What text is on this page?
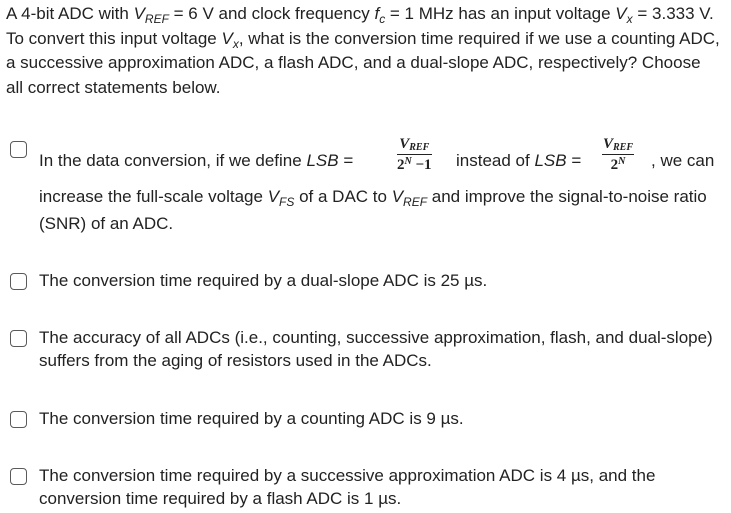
A 4-bit ADC with $V_{REF} = 6$ V and clock frequency $f_c = 1$ MHz has an input voltage $V_x = 3.333$ V. To convert this input voltage $V_x$, what is the conversion time required if we use a counting ADC, a successive approximation ADC, a flash ADC, and a dual-slope ADC, respectively? Choose all correct statements below.
In the data conversion, if we define LSB =
$V_{REF}$
$2^N -1$ instead of LSB =
$V_{REF}$
$2^N$	, we can
increase the full-scale voltage $V_{FS}$ of a DAC to $V_{REF}$ and improve the signal-to-noise ratio (SNR) of an ADC.
The conversion time required by a dual-slope ADC is 25 µs.
The accuracy of all ADCs (i.e., counting, successive approximation, flash, and dual-slope) suffers from the aging of resistors used in the ADCs.
The conversion time required by a counting ADC is 9 µs.
The conversion time required by a successive approximation ADC is 4 µs, and the conversion time required by a flash ADC is 1 µs.
